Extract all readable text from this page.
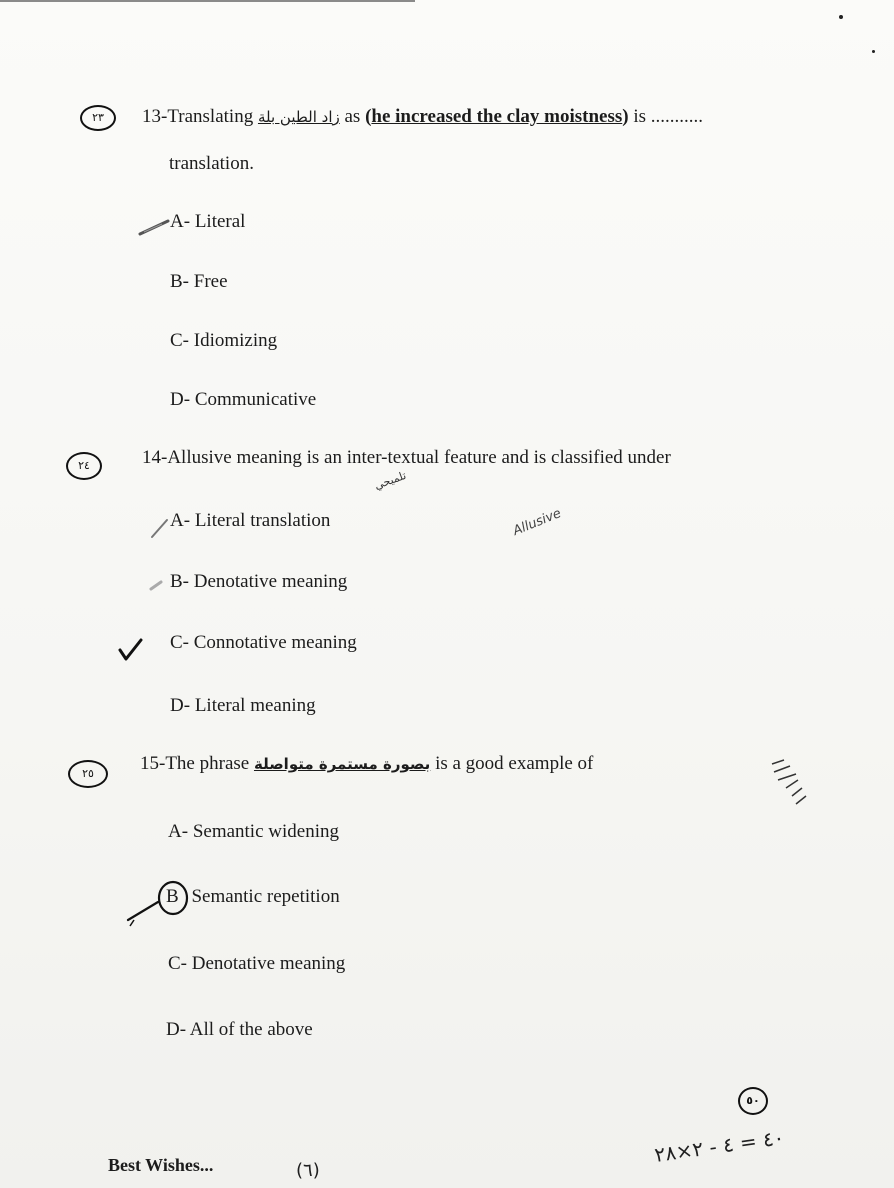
٢٣	13-Translating زاد الطين بلة as (he increased the clay moistness) is ...........
translation.
A- Literal
B- Free
C- Idiomizing
D- Communicative
٢٤	14-Allusive meaning is an inter-textual feature and is classified under
تلميحي
Allusive
A- Literal translation
B- Denotative meaning
C- Connotative meaning
D- Literal meaning
٢٥	15-The phrase بصورة مستمرة متواصلة is a good example of
A- Semantic widening
B Semantic repetition
C- Denotative meaning
D- All of the above
٥٠
٤٠ = ٤ - ٢×٢٨
Best Wishes...	(٦)
